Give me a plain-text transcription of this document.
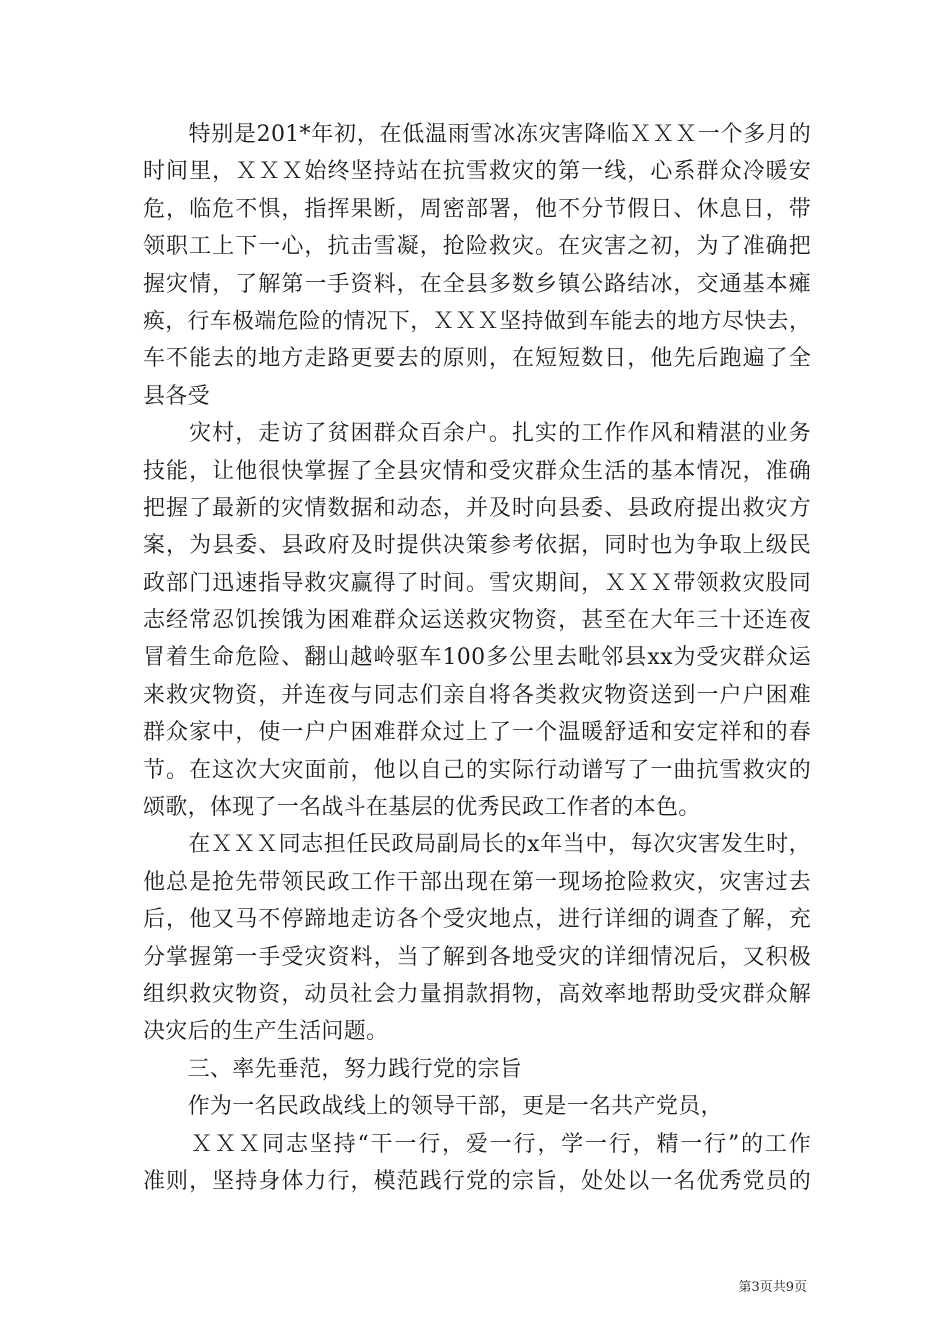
　　特别是201*年初，在低温雨雪冰冻灾害降临ＸＸＸ一个多月的
时间里，ＸＸＸ始终坚持站在抗雪救灾的第一线，心系群众冷暖安
危，临危不惧，指挥果断，周密部署，他不分节假日、休息日，带
领职工上下一心，抗击雪凝，抢险救灾。在灾害之初，为了准确把
握灾情，了解第一手资料，在全县多数乡镇公路结冰，交通基本瘫
痪，行车极端危险的情况下，ＸＸＸ坚持做到车能去的地方尽快去，
车不能去的地方走路更要去的原则，在短短数日，他先后跑遍了全
县各受
　　灾村，走访了贫困群众百余户。扎实的工作作风和精湛的业务
技能，让他很快掌握了全县灾情和受灾群众生活的基本情况，准确
把握了最新的灾情数据和动态，并及时向县委、县政府提出救灾方
案，为县委、县政府及时提供决策参考依据，同时也为争取上级民
政部门迅速指导救灾赢得了时间。雪灾期间，ＸＸＸ带领救灾股同
志经常忍饥挨饿为困难群众运送救灾物资，甚至在大年三十还连夜
冒着生命危险、翻山越岭驱车100多公里去毗邻县xx为受灾群众运
来救灾物资，并连夜与同志们亲自将各类救灾物资送到一户户困难
群众家中，使一户户困难群众过上了一个温暖舒适和安定祥和的春
节。在这次大灾面前，他以自己的实际行动谱写了一曲抗雪救灾的
颂歌，体现了一名战斗在基层的优秀民政工作者的本色。
　　在ＸＸＸ同志担任民政局副局长的x年当中，每次灾害发生时，
他总是抢先带领民政工作干部出现在第一现场抢险救灾，灾害过去
后，他又马不停蹄地走访各个受灾地点，进行详细的调查了解，充
分掌握第一手受灾资料，当了解到各地受灾的详细情况后，又积极
组织救灾物资，动员社会力量捐款捐物，高效率地帮助受灾群众解
决灾后的生产生活问题。
　　三、率先垂范，努力践行党的宗旨
　　作为一名民政战线上的领导干部，更是一名共产党员，
　　ＸＸＸ同志坚持“干一行，爱一行，学一行，精一行”的工作
准则，坚持身体力行，模范践行党的宗旨，处处以一名优秀党员的
第3页共9页
